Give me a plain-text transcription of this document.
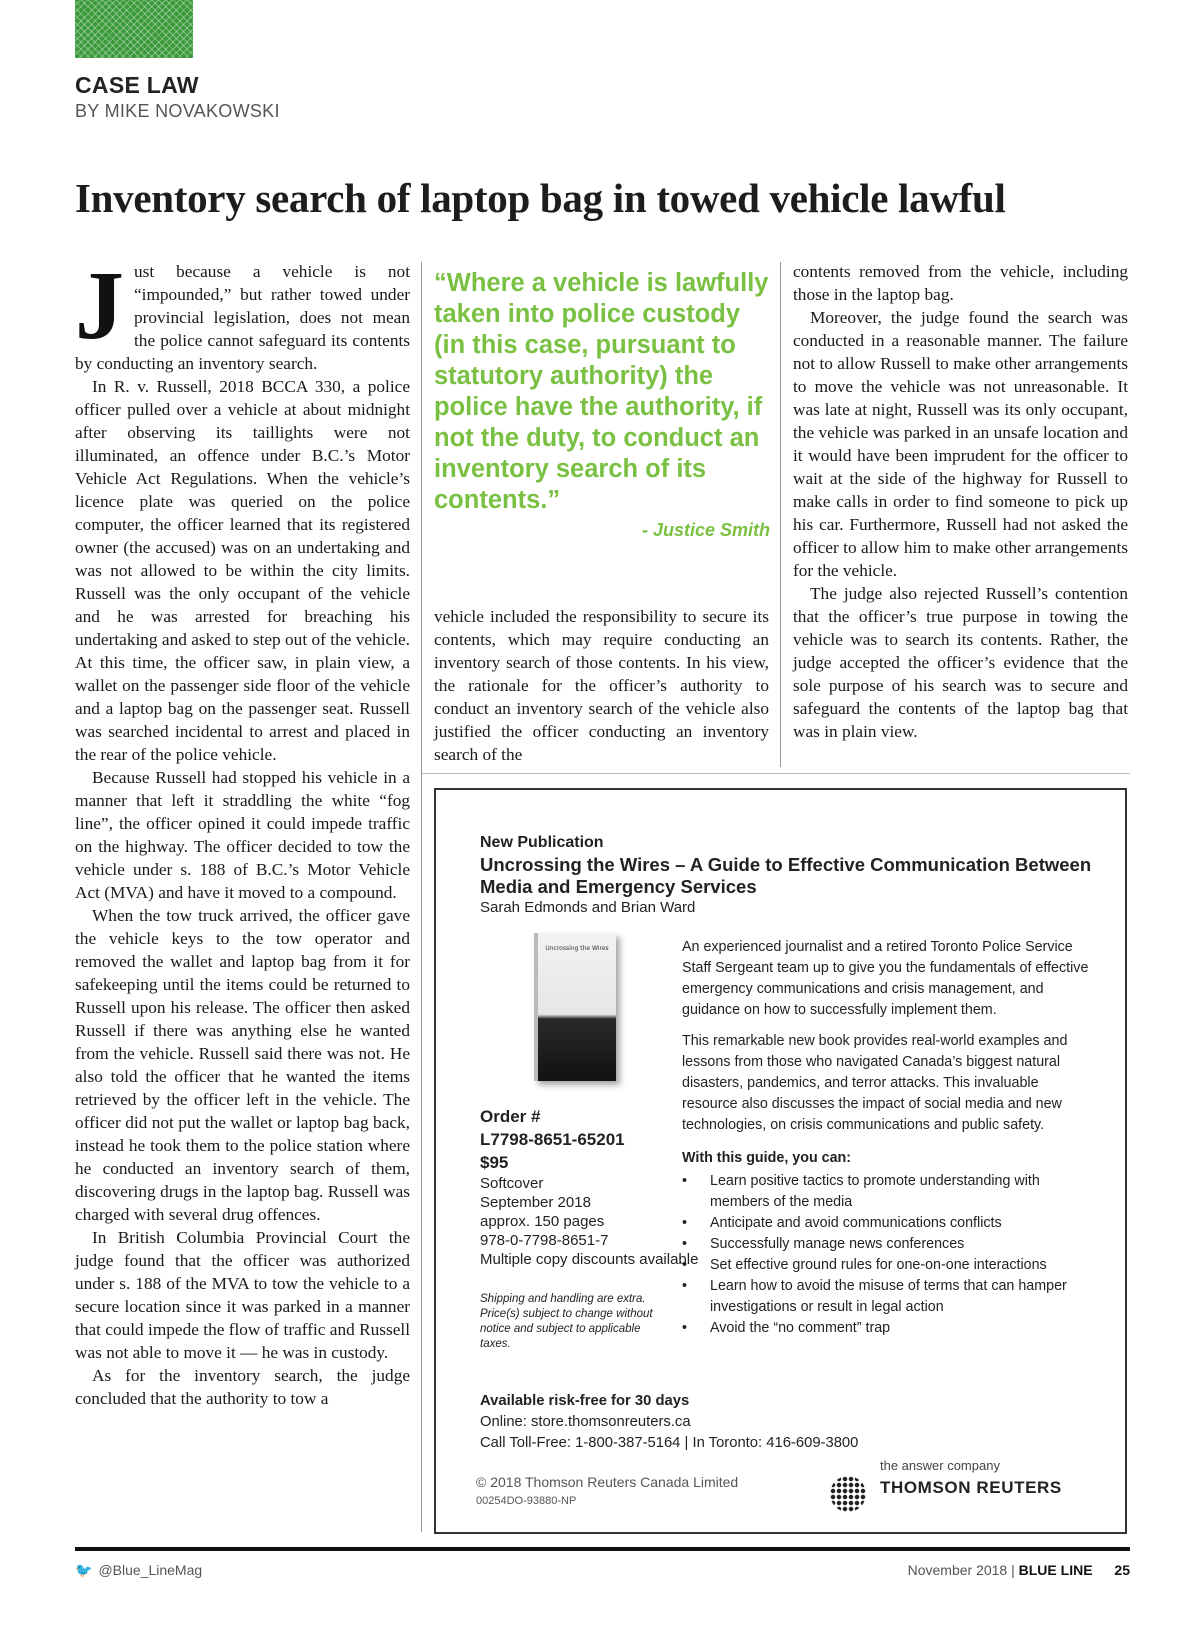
CASE LAW
BY MIKE NOVAKOWSKI
Inventory search of laptop bag in towed vehicle lawful

Just because a vehicle is not “impounded,” but rather towed under provincial legislation, does not mean the police cannot safeguard its contents by conducting an inventory search.

In R. v. Russell, 2018 BCCA 330, a police officer pulled over a vehicle at about midnight after observing its taillights were not illuminated, an offence under B.C.’s Motor Vehicle Act Regulations. When the vehicle’s licence plate was queried on the police computer, the officer learned that its registered owner (the accused) was on an undertaking and was not allowed to be within the city limits. Russell was the only occupant of the vehicle and he was arrested for breaching his undertaking and asked to step out of the vehicle. At this time, the officer saw, in plain view, a wallet on the passenger side floor of the vehicle and a laptop bag on the passenger seat. Russell was searched incidental to arrest and placed in the rear of the police vehicle.

Because Russell had stopped his vehicle in a manner that left it straddling the white “fog line”, the officer opined it could impede traffic on the highway. The officer decided to tow the vehicle under s. 188 of B.C.’s Motor Vehicle Act (MVA) and have it moved to a compound.

When the tow truck arrived, the officer gave the vehicle keys to the tow operator and removed the wallet and laptop bag from it for safekeeping until the items could be returned to Russell upon his release. The officer then asked Russell if there was anything else he wanted from the vehicle. Russell said there was not. He also told the officer that he wanted the items retrieved by the officer left in the vehicle. The officer did not put the wallet or laptop bag back, instead he took them to the police station where he conducted an inventory search of them, discovering drugs in the laptop bag. Russell was charged with several drug offences.

In British Columbia Provincial Court the judge found that the officer was authorized under s. 188 of the MVA to tow the vehicle to a secure location since it was parked in a manner that could impede the flow of traffic and Russell was not able to move it — he was in custody.

As for the inventory search, the judge concluded that the authority to tow a

“Where a vehicle is lawfully taken into police custody (in this case, pursuant to statutory authority) the police have the authority, if not the duty, to conduct an inventory search of its contents.”
- Justice Smith

vehicle included the responsibility to secure its contents, which may require conducting an inventory search of those contents. In his view, the rationale for the officer’s authority to conduct an inventory search of the vehicle also justified the officer conducting an inventory search of the

contents removed from the vehicle, including those in the laptop bag.

Moreover, the judge found the search was conducted in a reasonable manner. The failure not to allow Russell to make other arrangements to move the vehicle was not unreasonable. It was late at night, Russell was its only occupant, the vehicle was parked in an unsafe location and it would have been imprudent for the officer to wait at the side of the highway for Russell to make calls in order to find someone to pick up his car. Furthermore, Russell had not asked the officer to allow him to make other arrangements for the vehicle.

The judge also rejected Russell’s contention that the officer’s true purpose in towing the vehicle was to search its contents. Rather, the judge accepted the officer’s evidence that the sole purpose of his search was to secure and safeguard the contents of the laptop bag that was in plain view.

New Publication
Uncrossing the Wires – A Guide to Effective Communication Between Media and Emergency Services
Sarah Edmonds and Brian Ward
Uncrossing the Wires
Order #
L7798-8651-65201
$95
Softcover
September 2018
approx. 150 pages
978-0-7798-8651-7
Multiple copy discounts available
Shipping and handling are extra. Price(s) subject to change without notice and subject to applicable taxes.

An experienced journalist and a retired Toronto Police Service Staff Sergeant team up to give you the fundamentals of effective emergency communications and crisis management, and guidance on how to successfully implement them.

This remarkable new book provides real-world examples and lessons from those who navigated Canada’s biggest natural disasters, pandemics, and terror attacks. This invaluable resource also discusses the impact of social media and new technologies, on crisis communications and public safety.

With this guide, you can:
• Learn positive tactics to promote understanding with members of the media
• Anticipate and avoid communications conflicts
• Successfully manage news conferences
• Set effective ground rules for one-on-one interactions
• Learn how to avoid the misuse of terms that can hamper investigations or result in legal action
• Avoid the “no comment” trap
Available risk-free for 30 days
Online: store.thomsonreuters.ca
Call Toll-Free: 1-800-387-5164 | In Toronto: 416-609-3800
© 2018 Thomson Reuters Canada Limited
00254DO-93880-NP
the answer company
THOMSON REUTERS
🐦 @Blue_LineMag	November 2018 | BLUE LINE 25
